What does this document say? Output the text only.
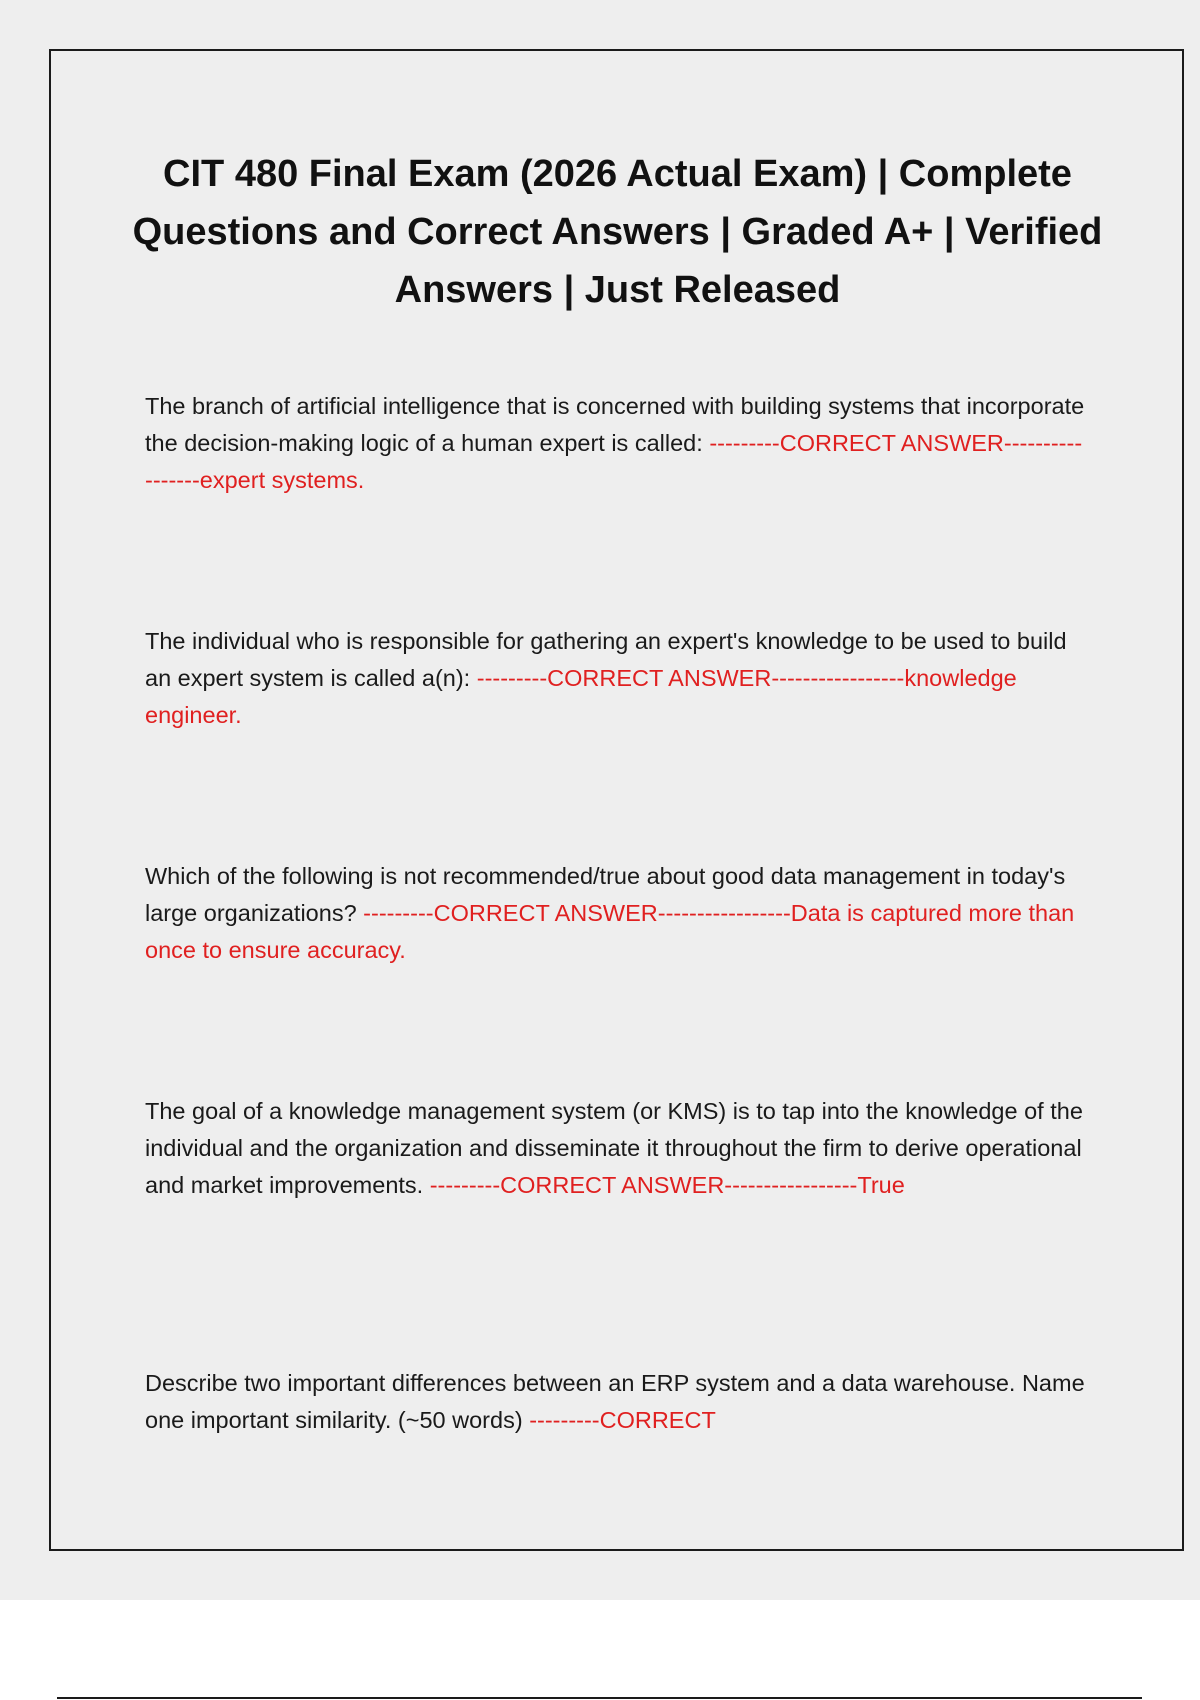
CIT 480 Final Exam (2026 Actual Exam) | Complete Questions and Correct Answers | Graded A+ | Verified Answers | Just Released

The branch of artificial intelligence that is concerned with building systems that incorporate the decision-making logic of a human expert is called: ---------CORRECT ANSWER-----------------expert systems.

The individual who is responsible for gathering an expert's knowledge to be used to build an expert system is called a(n): ---------CORRECT ANSWER-----------------knowledge engineer.

Which of the following is not recommended/true about good data management in today's large organizations? ---------CORRECT ANSWER-----------------Data is captured more than once to ensure accuracy.

The goal of a knowledge management system (or KMS) is to tap into the knowledge of the individual and the organization and disseminate it throughout the firm to derive operational and market improvements. ---------CORRECT ANSWER-----------------True

Describe two important differences between an ERP system and a data warehouse. Name one important similarity. (~50 words) ---------CORRECT
